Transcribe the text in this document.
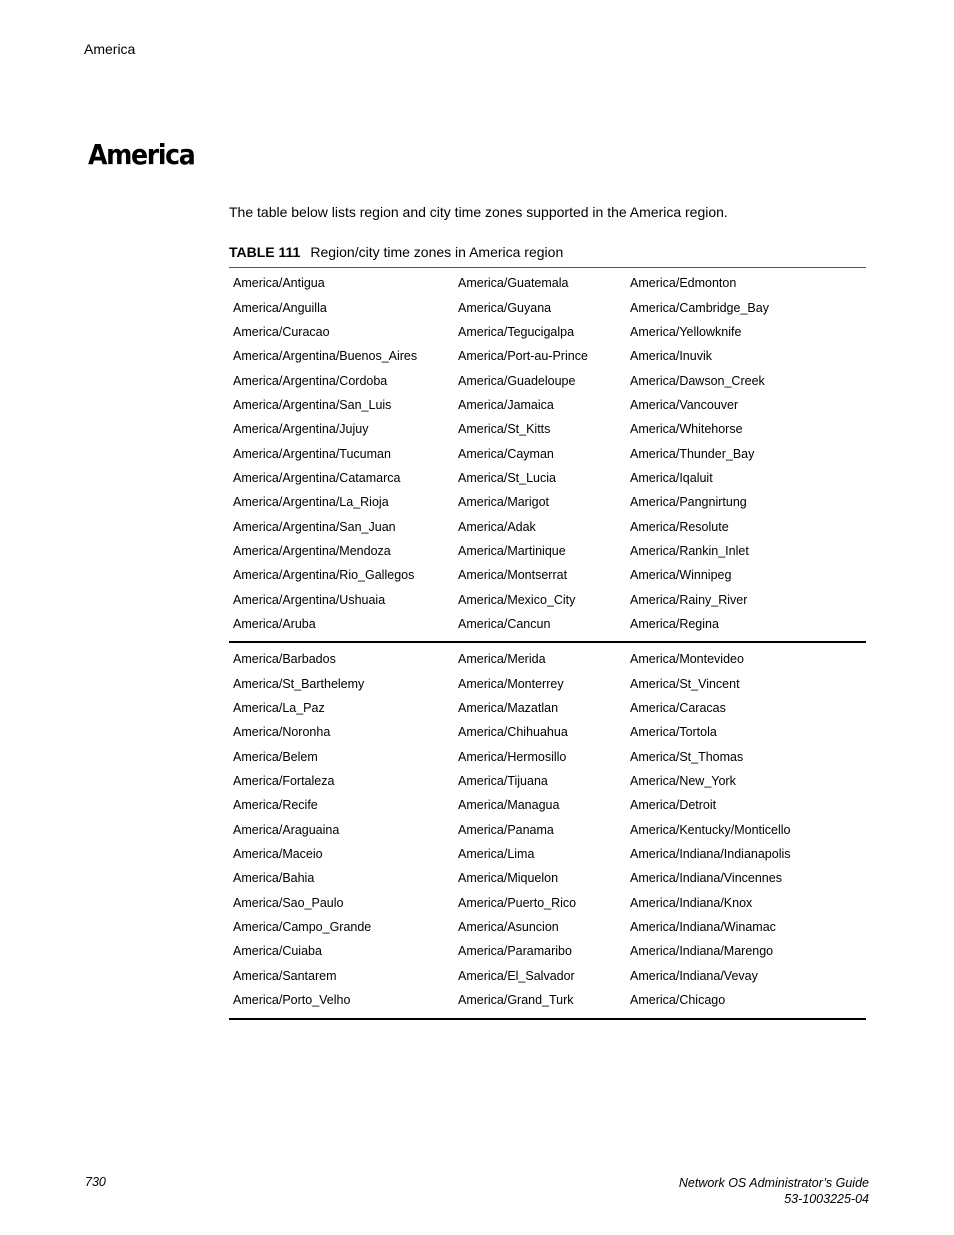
America
America

The table below lists region and city time zones supported in the America region.

TABLE 111 Region/city time zones in America region
America/Antigua	America/Guatemala	America/Edmonton
America/Anguilla	America/Guyana	America/Cambridge_Bay
America/Curacao	America/Tegucigalpa	America/Yellowknife
America/Argentina/Buenos_Aires	America/Port-au-Prince	America/Inuvik
America/Argentina/Cordoba	America/Guadeloupe	America/Dawson_Creek
America/Argentina/San_Luis	America/Jamaica	America/Vancouver
America/Argentina/Jujuy	America/St_Kitts	America/Whitehorse
America/Argentina/Tucuman	America/Cayman	America/Thunder_Bay
America/Argentina/Catamarca	America/St_Lucia	America/Iqaluit
America/Argentina/La_Rioja	America/Marigot	America/Pangnirtung
America/Argentina/San_Juan	America/Adak	America/Resolute
America/Argentina/Mendoza	America/Martinique	America/Rankin_Inlet
America/Argentina/Rio_Gallegos	America/Montserrat	America/Winnipeg
America/Argentina/Ushuaia	America/Mexico_City	America/Rainy_River
America/Aruba	America/Cancun	America/Regina
America/Barbados	America/Merida	America/Montevideo
America/St_Barthelemy	America/Monterrey	America/St_Vincent
America/La_Paz	America/Mazatlan	America/Caracas
America/Noronha	America/Chihuahua	America/Tortola
America/Belem	America/Hermosillo	America/St_Thomas
America/Fortaleza	America/Tijuana	America/New_York
America/Recife	America/Managua	America/Detroit
America/Araguaina	America/Panama	America/Kentucky/Monticello
America/Maceio	America/Lima	America/Indiana/Indianapolis
America/Bahia	America/Miquelon	America/Indiana/Vincennes
America/Sao_Paulo	America/Puerto_Rico	America/Indiana/Knox
America/Campo_Grande	America/Asuncion	America/Indiana/Winamac
America/Cuiaba	America/Paramaribo	America/Indiana/Marengo
America/Santarem	America/El_Salvador	America/Indiana/Vevay
America/Porto_Velho	America/Grand_Turk	America/Chicago
730	Network OS Administrator’s Guide
53-1003225-04
